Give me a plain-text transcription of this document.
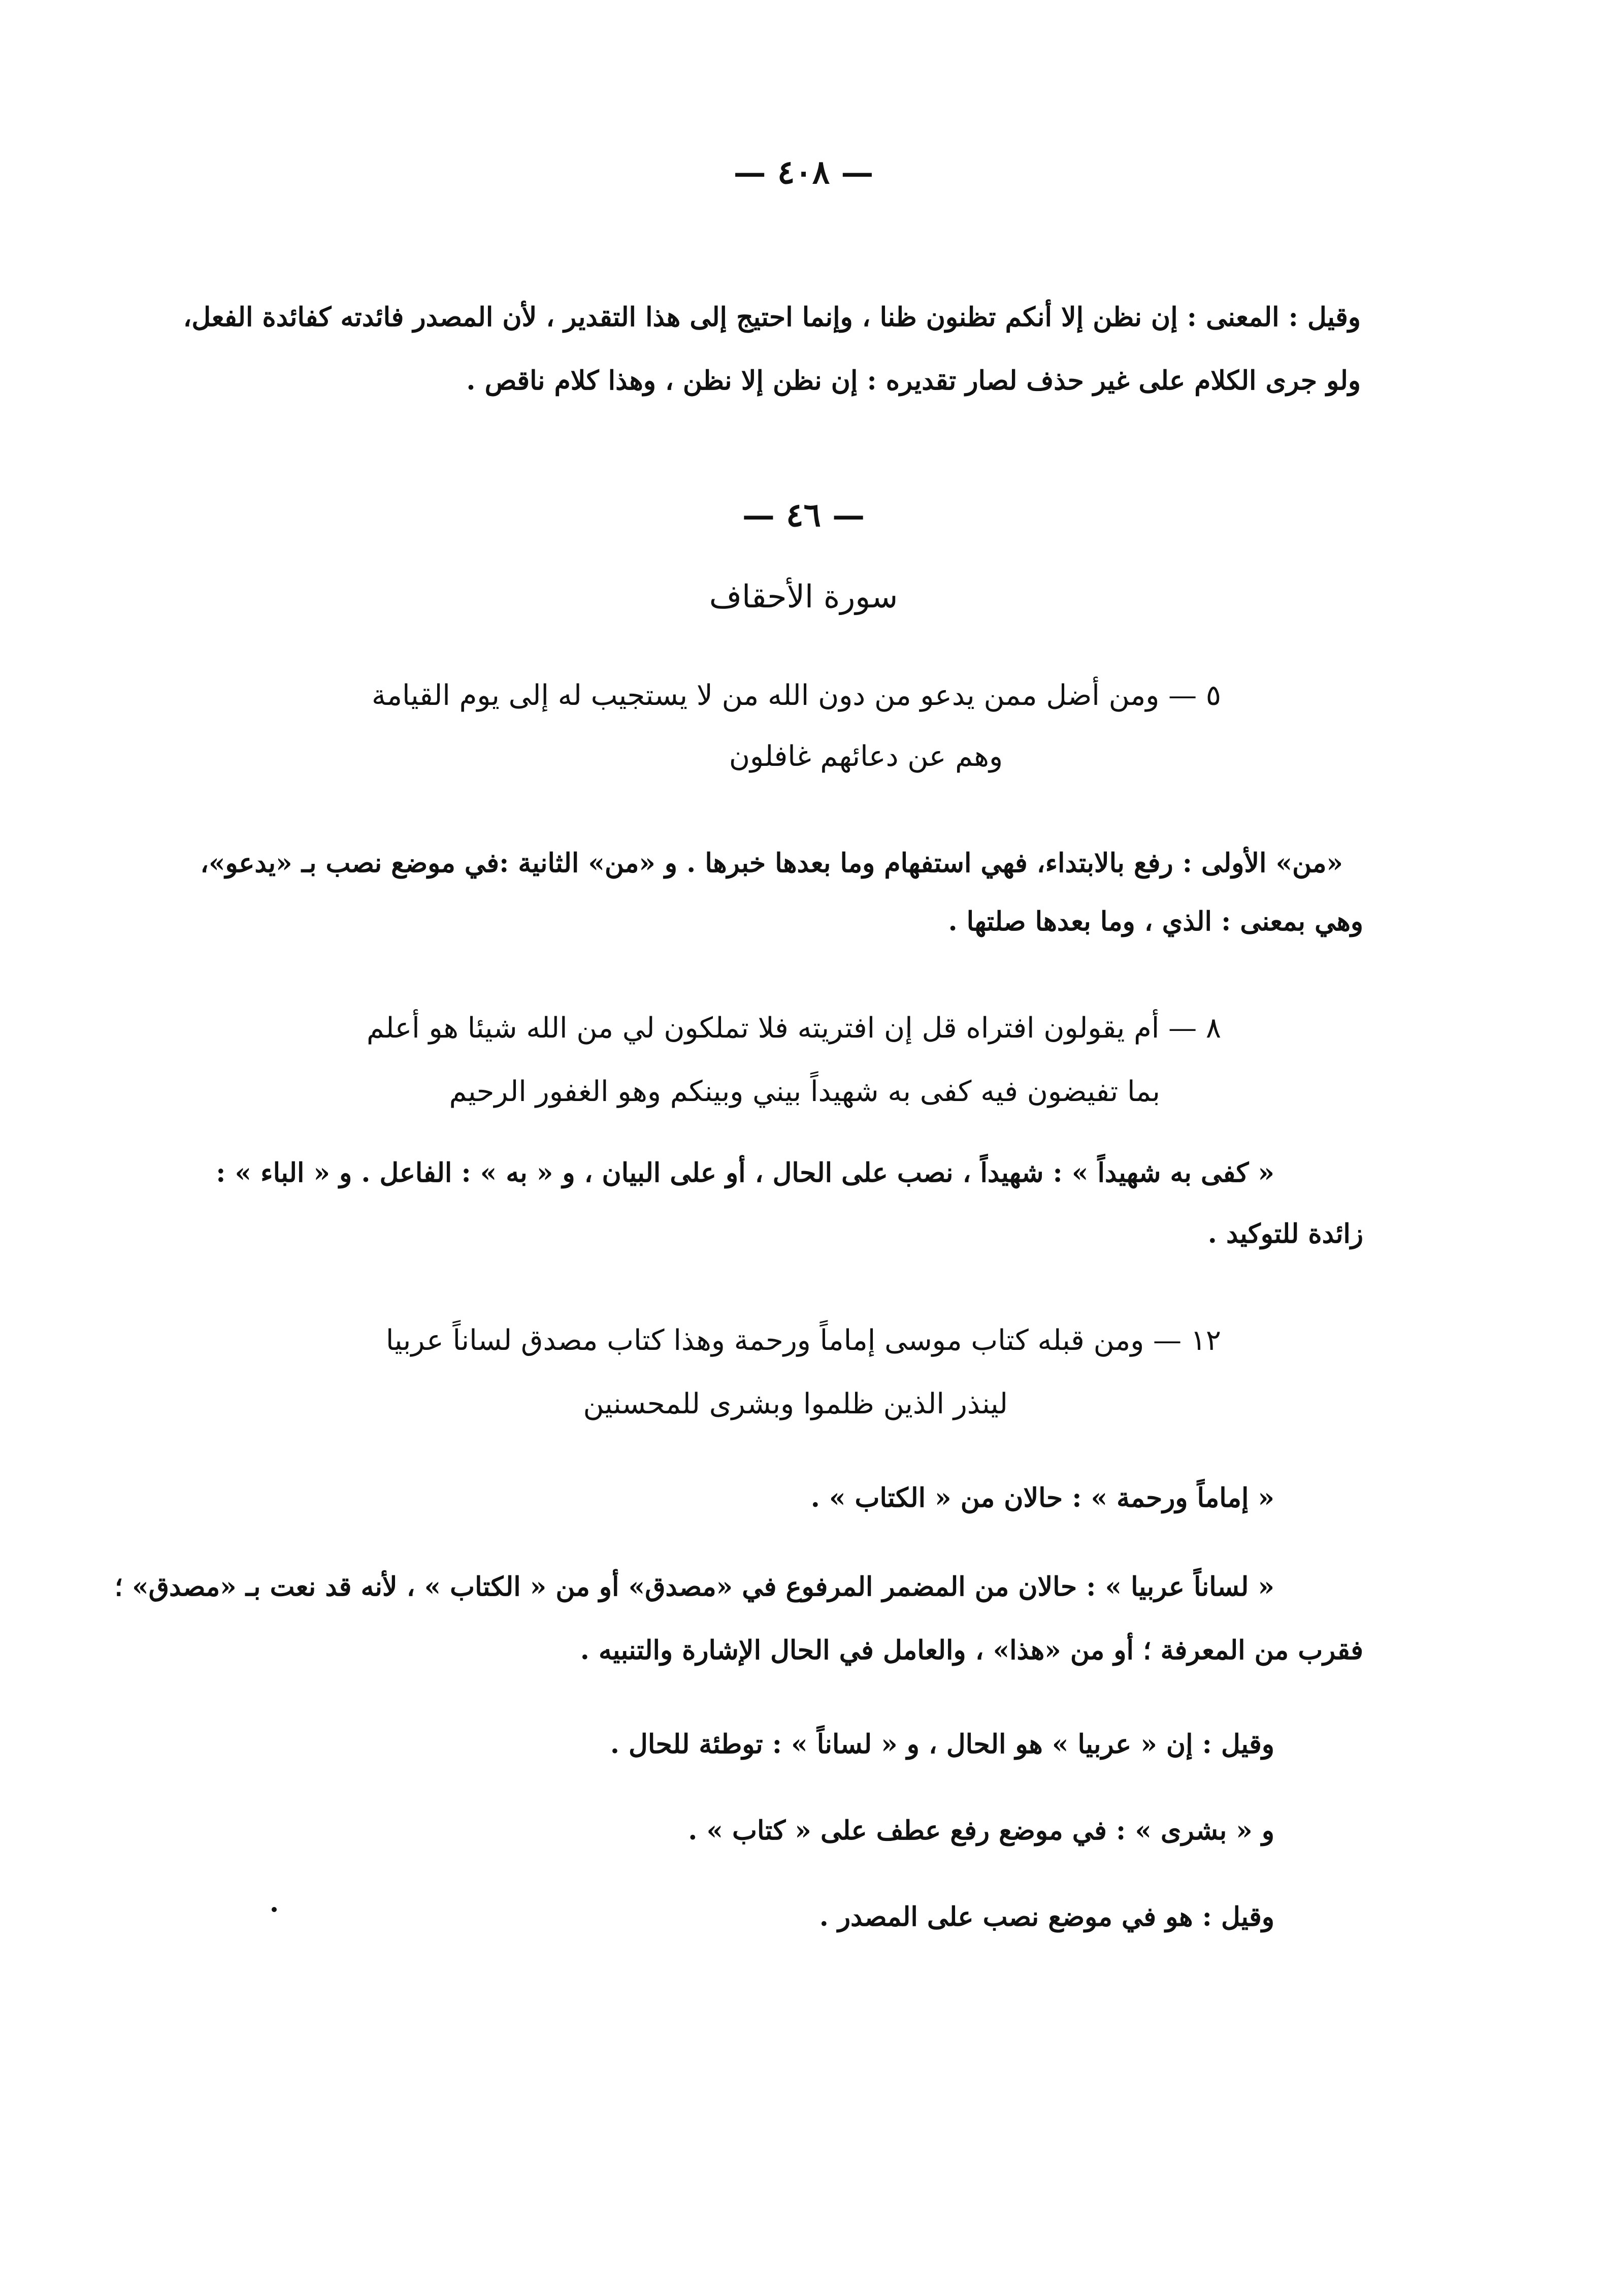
— ٤٠٨ —
وقيل : المعنى : إن نظن إلا أنكم تظنون ظنا ، وإنما احتيج إلى هذا التقدير ، لأن المصدر فائدته كفائدة الفعل،
ولو جرى الكلام على غير حذف لصار تقديره : إن نظن إلا نظن ، وهذا كلام ناقص .
— ٤٦ —
سورة الأحقاف
٥ — ومن أضل ممن يدعو من دون الله من لا يستجيب له إلى يوم القيامة
وهم عن دعائهم غافلون
«من» الأولى : رفع بالابتداء، فهي استفهام وما بعدها خبرها . و «من» الثانية :في موضع نصب بـ «يدعو»،
وهي بمعنى : الذي ، وما بعدها صلتها .
٨ — أم يقولون افتراه قل إن افتريته فلا تملكون لي من الله شيئا هو أعلم
بما تفيضون فيه كفى به شهيداً بيني وبينكم وهو الغفور الرحيم
« كفى به شهيداً » : شهيداً ، نصب على الحال ، أو على البيان ، و « به » : الفاعل . و « الباء » :
زائدة للتوكيد .
١٢ — ومن قبله كتاب موسى إماماً ورحمة وهذا كتاب مصدق لساناً عربيا
لينذر الذين ظلموا وبشرى للمحسنين
« إماماً ورحمة » : حالان من « الكتاب » .
« لساناً عربيا » : حالان من المضمر المرفوع في «مصدق» أو من « الكتاب » ، لأنه قد نعت بـ «مصدق» ؛
فقرب من المعرفة ؛ أو من «هذا» ، والعامل في الحال الإشارة والتنبيه .
وقيل : إن « عربيا » هو الحال ، و « لساناً » : توطئة للحال .
و « بشرى » : في موضع رفع عطف على « كتاب » .
وقيل : هو في موضع نصب على المصدر .
